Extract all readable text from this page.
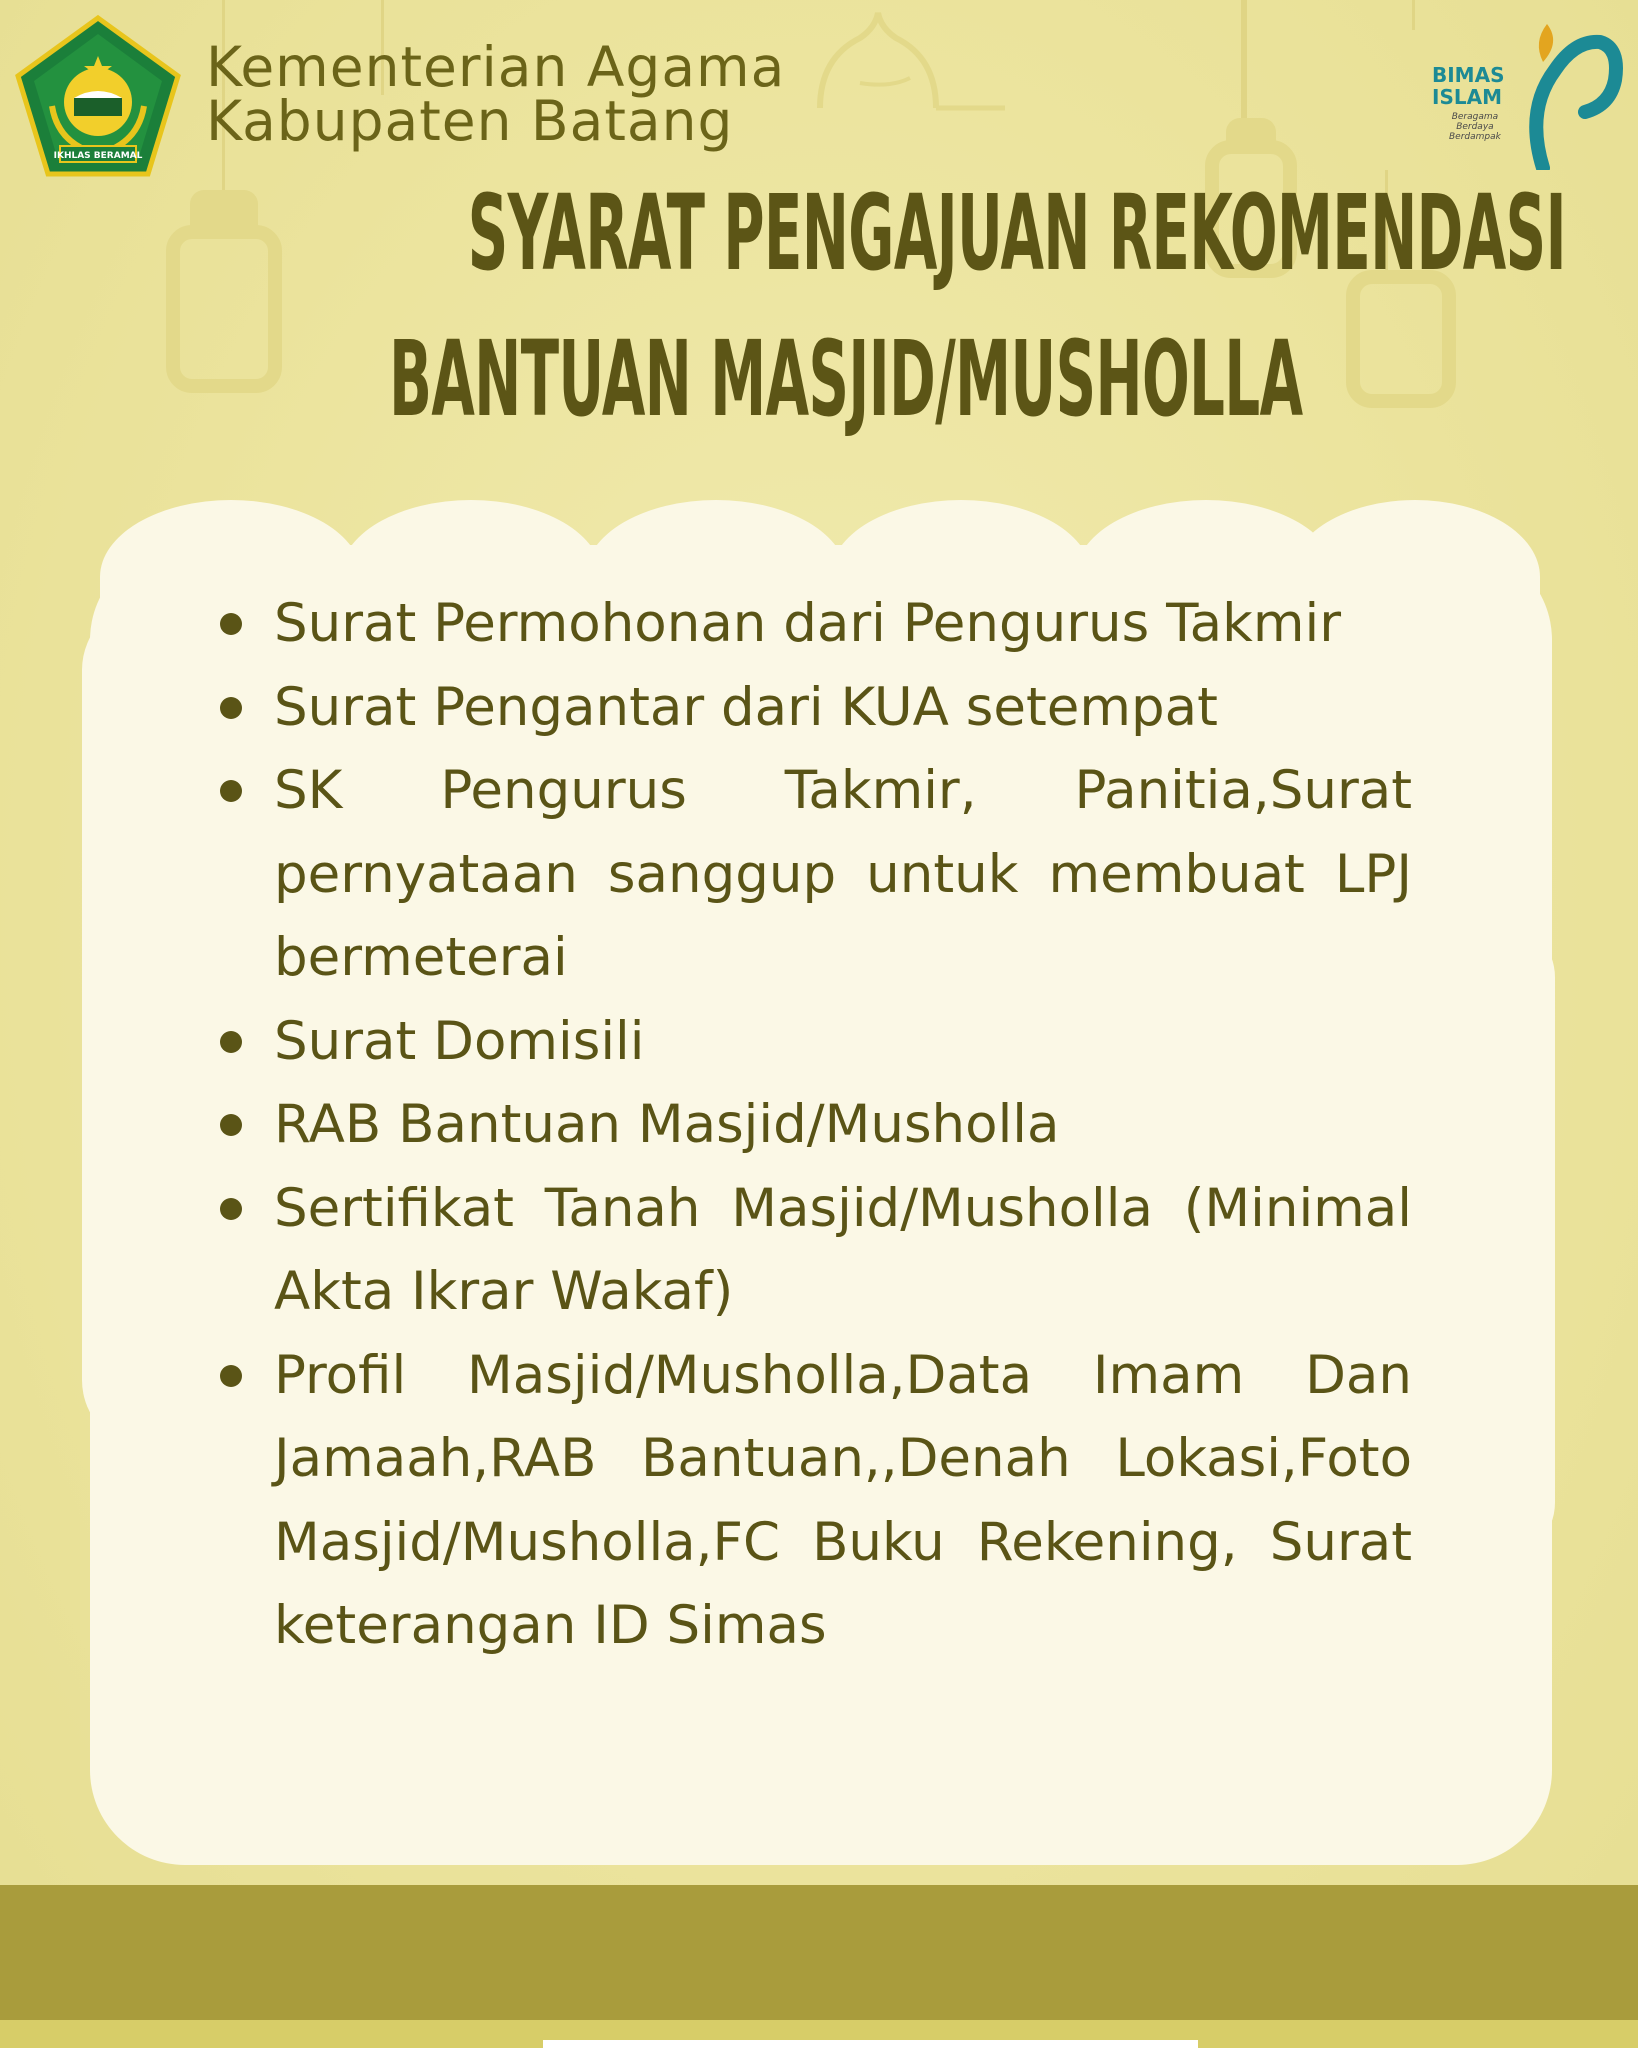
IKHLAS BERAMAL
Kementerian Agama
Kabupaten Batang
BIMAS
ISLAM
Beragama
Berdaya
Berdampak
SYARAT PENGAJUAN REKOMENDASI
BANTUAN MASJID/MUSHOLLA
Surat Permohonan dari Pengurus Takmir
Surat Pengantar dari KUA setempat
SK Pengurus Takmir, Panitia,Surat pernyataan sanggup untuk membuat LPJ bermeterai
Surat Domisili
RAB Bantuan Masjid/Musholla
Sertifikat Tanah Masjid/Musholla (Minimal Akta Ikrar Wakaf)
Profil Masjid/Musholla,Data Imam Dan Jamaah,RAB Bantuan,,Denah Lokasi,Foto Masjid/Musholla,FC Buku Rekening, Surat keterangan ID Simas
